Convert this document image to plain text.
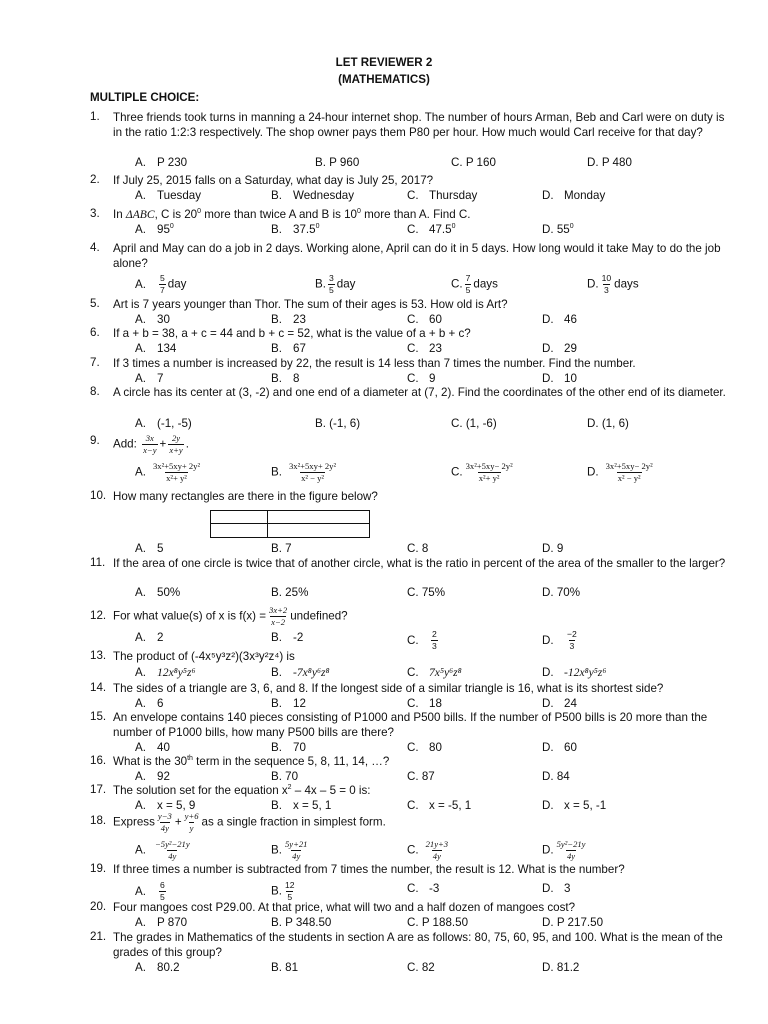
LET REVIEWER 2
(MATHEMATICS)
MULTIPLE CHOICE:
1.	Three friends took turns in manning a 24-hour internet shop. The number of hours Arman, Beb and Carl were on duty is in the ratio 1:2:3 respectively. The shop owner pays them P80 per hour. How much would Carl receive for that day?
A. P 230	B. P 960	C. P 160	D. P 480
2.	If July 25, 2015 falls on a Saturday, what day is July 25, 2017?
A. Tuesday	B. Wednesday	C. Thursday	D. Monday
3.	In ΔABC, C is $20^0$ more than twice A and B is $10^0$ more than A. Find C.
A. $95^0$	B. 37.5$^0$	C. 47.5$^0$	D. $55^0$
4.	April and May can do a job in 2 days. Working alone, April can do it in 5 days. How long would it take May to do the job alone?
A. $\frac{5}{7}$ day	B. $\frac{3}{5}$ day	C. $\frac{7}{5}$ days	D. $\frac{10}{3}$ days
5.	Art is 7 years younger than Thor. The sum of their ages is 53. How old is Art?
A. 30	B. 23	C. 60	D. 46
6.	If a + b = 38, a + c = 44 and b + c = 52, what is the value of a + b + c?
A. 134	B. 67	C. 23	D. 29
7.	If 3 times a number is increased by 22, the result is 14 less than 7 times the number. Find the number.
A. 7	B. 8	C. 9	D. 10
8.	A circle has its center at (3, -2) and one end of a diameter at (7, 2). Find the coordinates of the other end of its diameter.
A. (-1, -5)	B. (-1, 6)	C. (1, -6)	D. (1, 6)
9.	Add: $\frac{3x}{x-y} + \frac{2y}{x+y}$ .
A. $\frac{\text{3x²+5xy+ 2y²}}{\text{x²+ y²}}$	B. $\frac{\text{3x²+5xy+ 2y²}}{\text{x² − y²}}$	C. $\frac{\text{3x²+5xy− 2y²}}{\text{x²+ y²}}$	D. $\frac{\text{3x²+5xy− 2y²}}{\text{x² − y²}}$
10. How many rectangles are there in the figure below?
A. 5	B. 7	C. 8	D. 9
11. If the area of one circle is twice that of another circle, what is the ratio in percent of the area of the smaller to the larger?
A. 50%	B. 25%	C. 75%	D. 70%
12. For what value(s) of x is $f(x) = \frac{3x+2}{x-2}$ undefined?
A. 2	B. -2	C. $\frac{2}{3}$	D. $\frac{-2}{3}$
13. The product of (-4x⁵y³z²)(3x³y²z⁴) is
A. 12x⁸y⁵z⁶	B. -7x⁸y⁶z⁸	C. 7x⁵y⁶z⁸	D. -12x⁸y⁵z⁶
14. The sides of a triangle are 3, 6, and 8. If the longest side of a similar triangle is 16, what is its shortest side?
A. 6	B. 12	C. 18	D. 24
15. An envelope contains 140 pieces consisting of P1000 and P500 bills. If the number of P500 bills is 20 more than the number of P1000 bills, how many P500 bills are there?
A. 40	B. 70	C. 80	D. 60
16. What is the 30th term in the sequence 5, 8, 11, 14, …?
A. 92	B. 70	C. 87	D. 84
17. The solution set for the equation $x^2 - 4x - 5 = 0$ is:
A. x = 5, 9	B. x = 5, 1	C. x = -5, 1	D. x = 5, -1
18. Express $\frac{y-3}{4y} + \frac{y+6}{y}$ as a single fraction in simplest form.
A. $\frac{\text{−5y²−21y}}{4y}$	B. $\frac{5y+21}{4y}$	C. $\frac{21y+3}{4y}$	D. $\frac{\text{5y²−21y}}{4y}$
19. If three times a number is subtracted from 7 times the number, the result is 12. What is the number?
A. $\frac{6}{5}$	B. $\frac{12}{5}$	C. -3	D. 3
20. Four mangoes cost P29.00. At that price, what will two and a half dozen of mangoes cost?
A. P 870	B. P 348.50	C. P 188.50	D. P 217.50
21. The grades in Mathematics of the students in section A are as follows: 80, 75, 60, 95, and 100. What is the mean of the grades of this group?
A. 80.2	B. 81	C. 82	D. 81.2
